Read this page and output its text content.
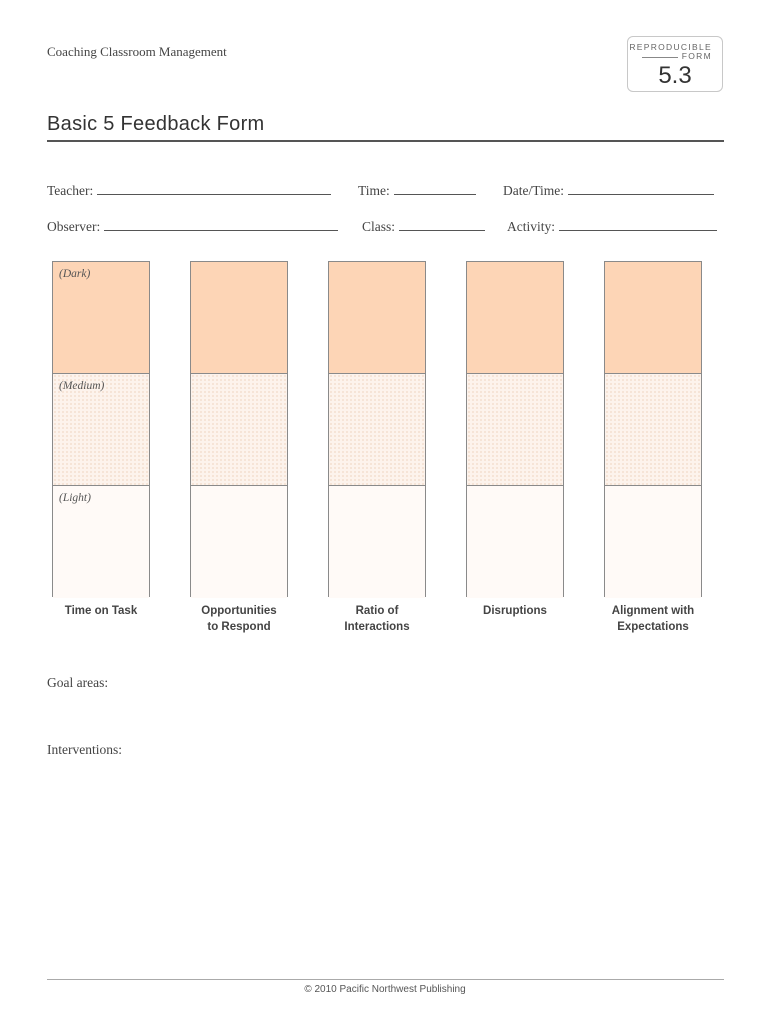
Coaching Classroom Management	REPRODUCIBLE
FORM
5.3
Basic 5 Feedback Form
Teacher:	Time:	Date/Time:
Observer:	Class:	Activity:
(Dark)
(Medium)
(Light)
Time on Task	Opportunities
to Respond
Ratio of
Interactions
Disruptions	Alignment with
Expectations
Goal areas:
Interventions:
© 2010 Pacific Northwest Publishing
